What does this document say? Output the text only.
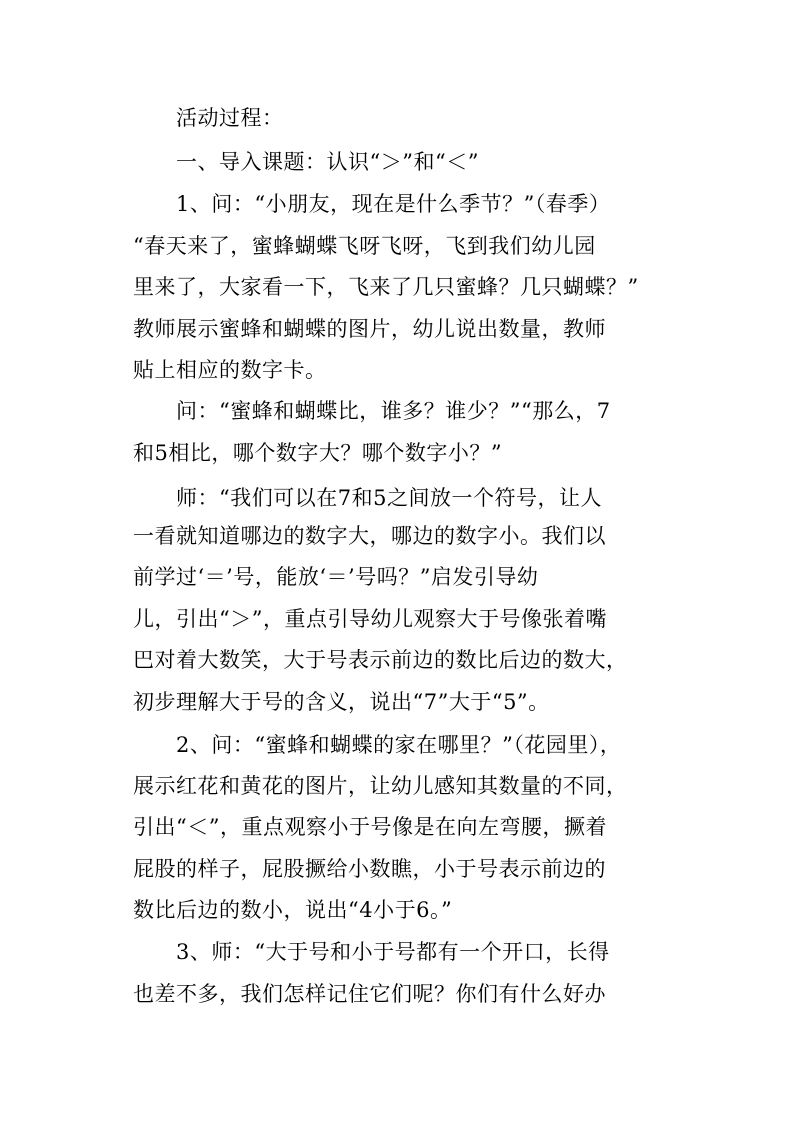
活动过程：
一、导入课题：认识“＞”和“＜”
1、问：“小朋友，现在是什么季节？”（春季）
“春天来了，蜜蜂蝴蝶飞呀飞呀，飞到我们幼儿园
里来了，大家看一下，飞来了几只蜜蜂？几只蝴蝶？”
教师展示蜜蜂和蝴蝶的图片，幼儿说出数量，教师
贴上相应的数字卡。
问：“蜜蜂和蝴蝶比，谁多？谁少？”“那么，7
和5相比，哪个数字大？哪个数字小？”
师：“我们可以在7和5之间放一个符号，让人
一看就知道哪边的数字大，哪边的数字小。我们以
前学过‘＝’号，能放‘＝’号吗？”启发引导幼
儿，引出“＞”，重点引导幼儿观察大于号像张着嘴
巴对着大数笑，大于号表示前边的数比后边的数大，
初步理解大于号的含义，说出“7”大于“5”。
2、问：“蜜蜂和蝴蝶的家在哪里？”（花园里），
展示红花和黄花的图片，让幼儿感知其数量的不同，
引出“＜”，重点观察小于号像是在向左弯腰，撅着
屁股的样子，屁股撅给小数瞧，小于号表示前边的
数比后边的数小，说出“4小于6。”
3、师：“大于号和小于号都有一个开口，长得
也差不多，我们怎样记住它们呢？你们有什么好办
